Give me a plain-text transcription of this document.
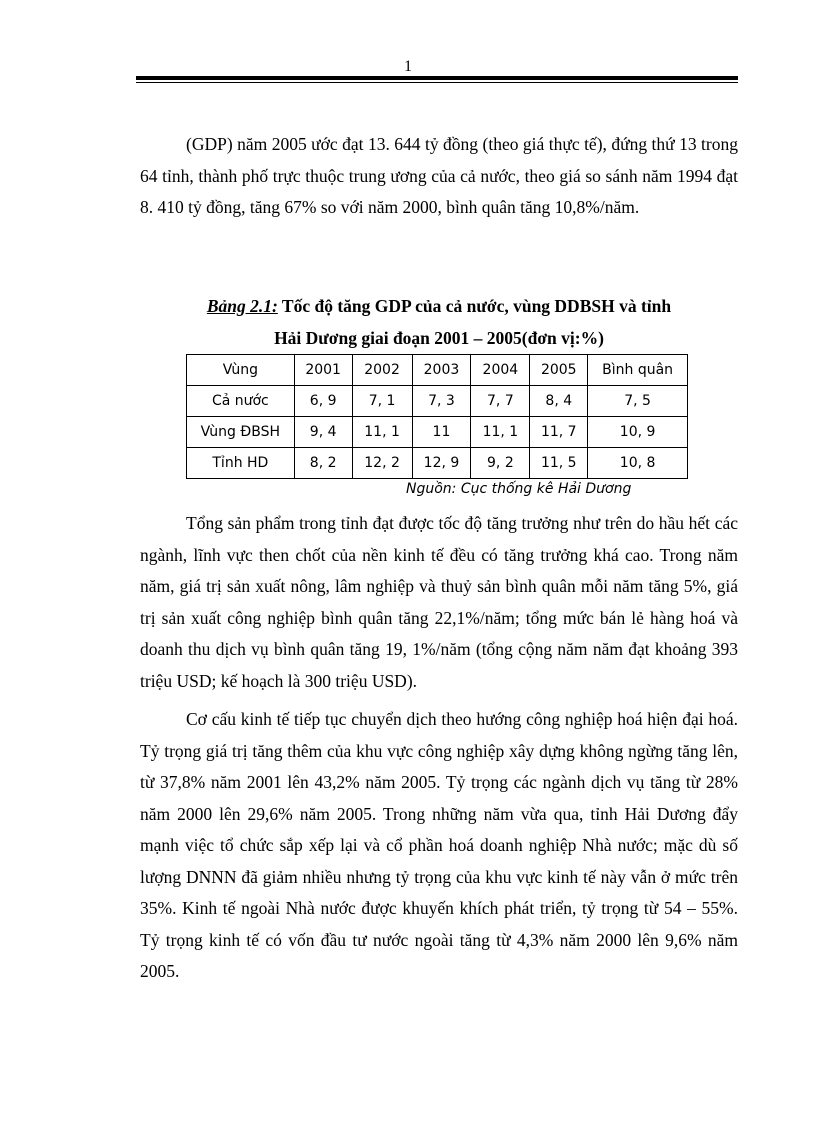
1

(GDP) năm 2005 ước đạt 13. 644 tỷ đồng (theo giá thực tế), đứng thứ 13 trong 64 tỉnh, thành phố trực thuộc trung ương của cả nước, theo giá so sánh năm 1994 đạt 8. 410 tỷ đồng, tăng 67% so với năm 2000, bình quân tăng 10,8%/năm.

Bảng 2.1: Tốc độ tăng GDP của cả nước, vùng DDBSH và tỉnh
Hải Dương giai đoạn 2001 – 2005(đơn vị:%)
Vùng	2001	2002	2003	2004	2005	Bình quân
Cả nước	6, 9	7, 1	7, 3	7, 7	8, 4	7, 5
Vùng ĐBSH	9, 4	11, 1	11	11, 1	11, 7	10, 9
Tỉnh HD	8, 2	12, 2	12, 9	9, 2	11, 5	10, 8
Nguồn: Cục thống kê Hải Dương

Tổng sản phẩm trong tỉnh đạt được tốc độ tăng trưởng như trên do hầu hết các ngành, lĩnh vực then chốt của nền kinh tế đều có tăng trưởng khá cao. Trong năm năm, giá trị sản xuất nông, lâm nghiệp và thuỷ sản bình quân mỗi năm tăng 5%, giá trị sản xuất công nghiệp bình quân tăng 22,1%/năm; tổng mức bán lẻ hàng hoá và doanh thu dịch vụ bình quân tăng 19, 1%/năm (tổng cộng năm năm đạt khoảng 393 triệu USD; kế hoạch là 300 triệu USD).

Cơ cấu kinh tế tiếp tục chuyển dịch theo hướng công nghiệp hoá hiện đại hoá. Tỷ trọng giá trị tăng thêm của khu vực công nghiệp xây dựng không ngừng tăng lên, từ 37,8% năm 2001 lên 43,2% năm 2005. Tỷ trọng các ngành dịch vụ tăng từ 28% năm 2000 lên 29,6% năm 2005. Trong những năm vừa qua, tỉnh Hải Dương đẩy mạnh việc tổ chức sắp xếp lại và cổ phần hoá doanh nghiệp Nhà nước; mặc dù số lượng DNNN đã giảm nhiều nhưng tỷ trọng của khu vực kinh tế này vẫn ở mức trên 35%. Kinh tế ngoài Nhà nước được khuyến khích phát triển, tỷ trọng từ 54 – 55%. Tỷ trọng kinh tế có vốn đầu tư nước ngoài tăng từ 4,3% năm 2000 lên 9,6% năm 2005.
